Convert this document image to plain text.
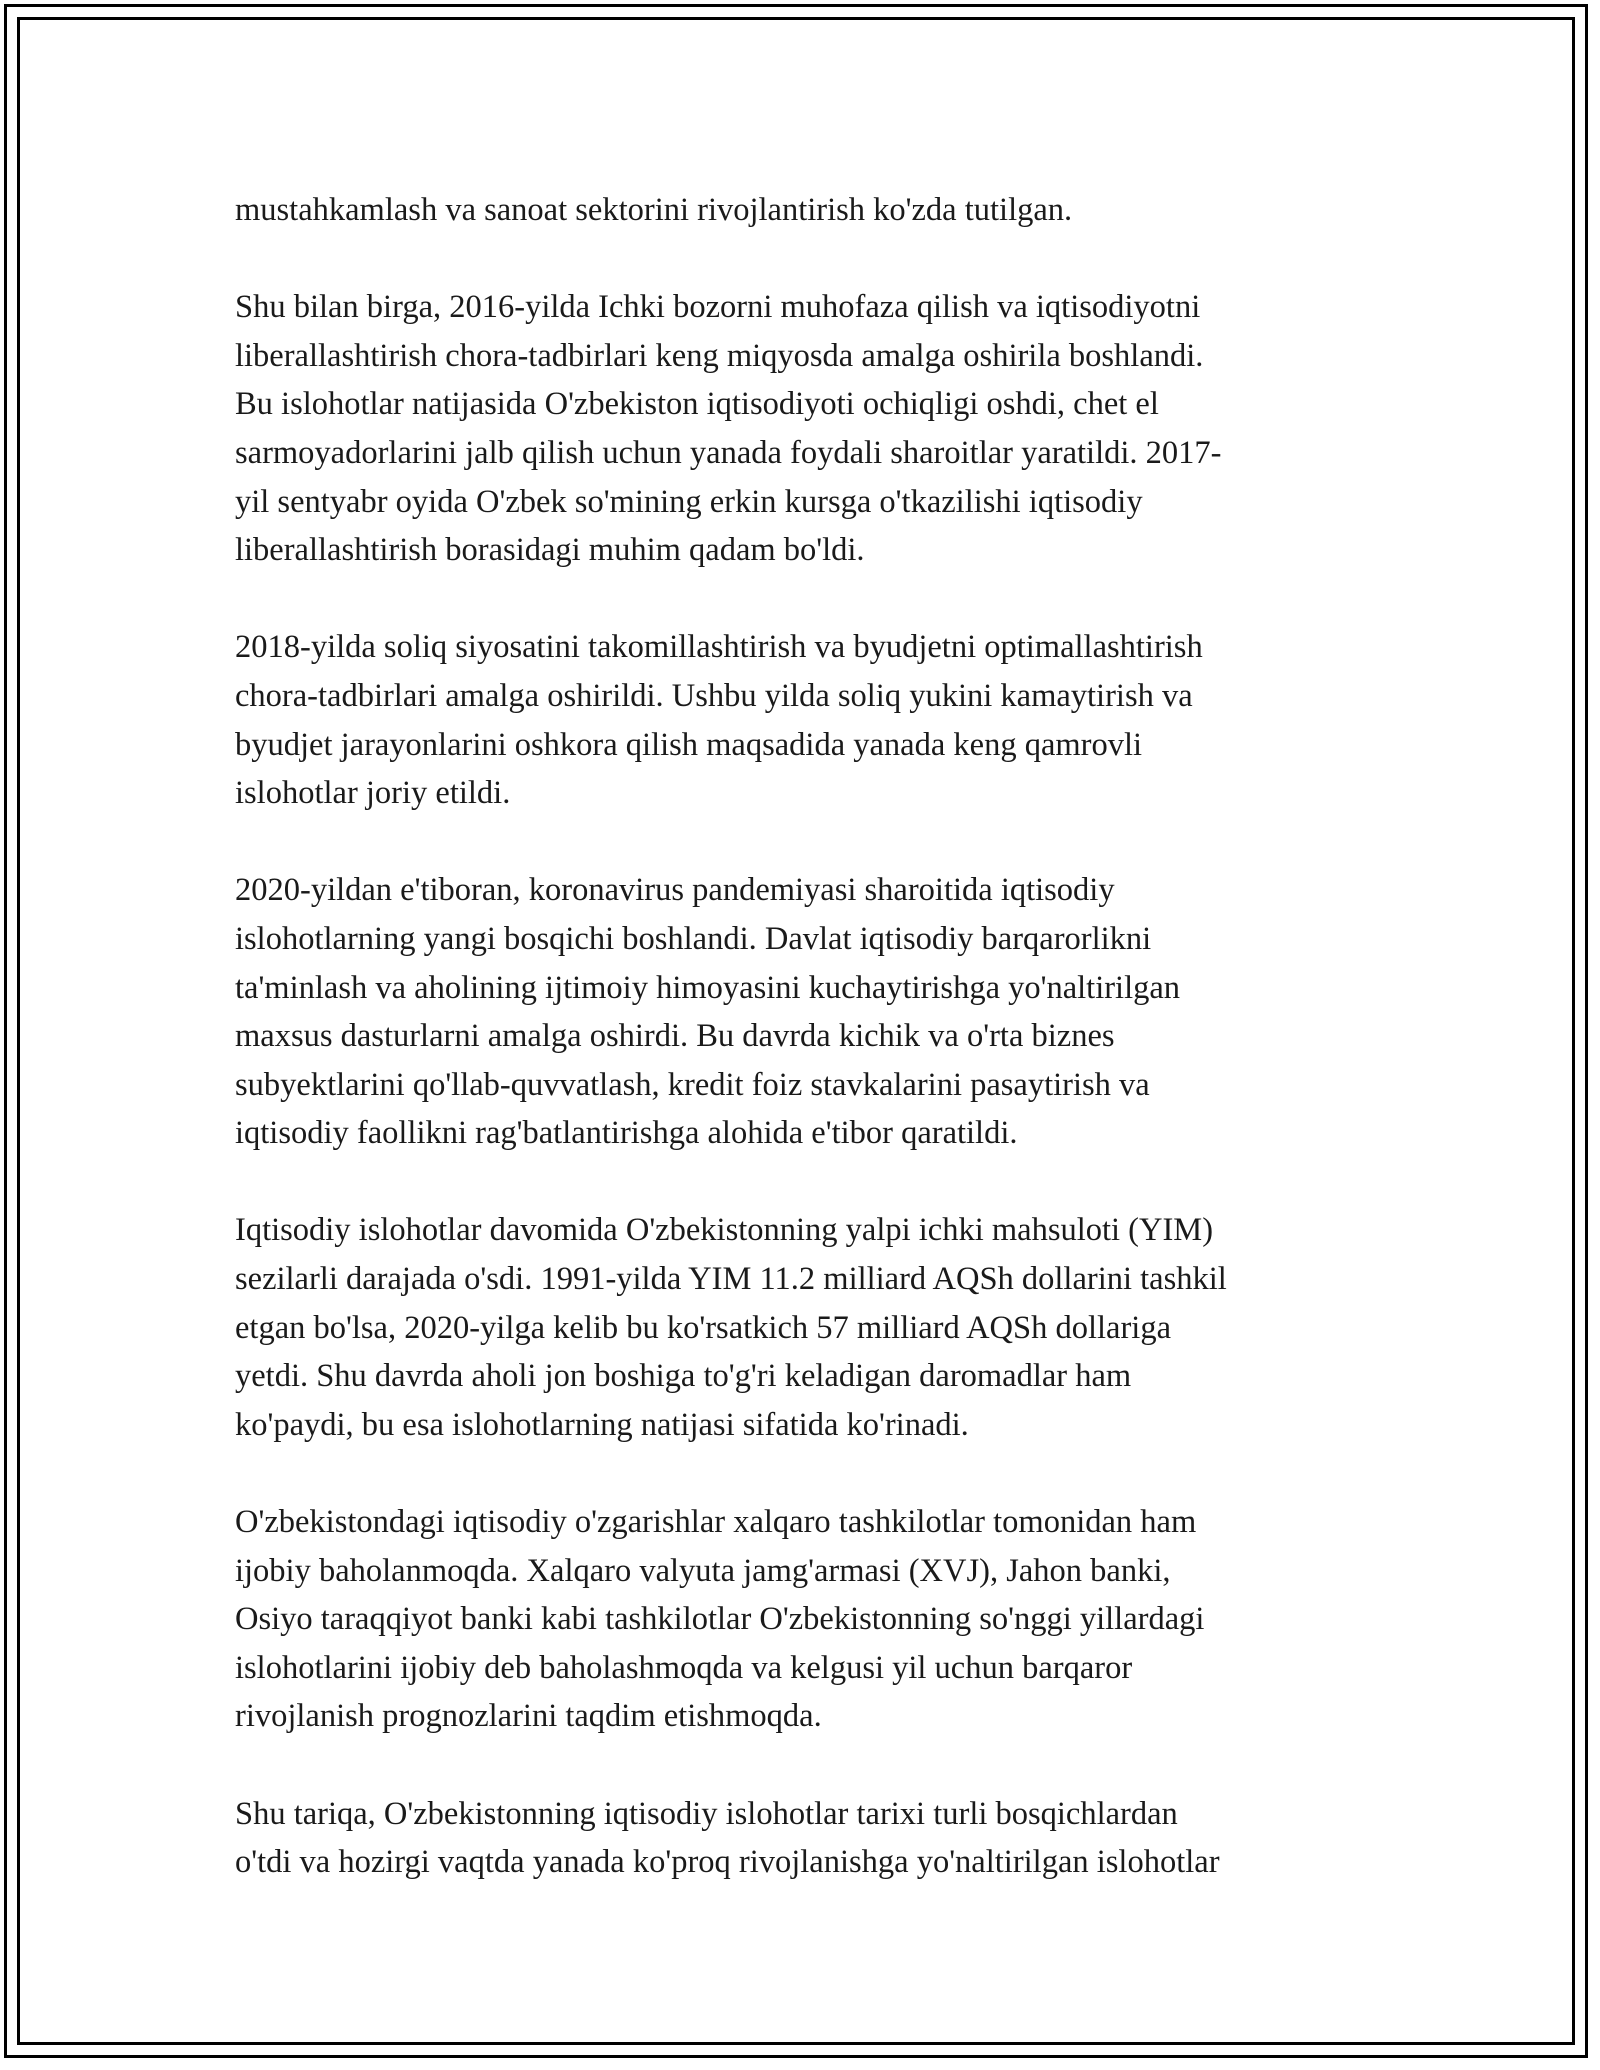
mustahkamlash va sanoat sektorini rivojlantirish ko'zda tutilgan.

Shu bilan birga, 2016-yilda Ichki bozorni muhofaza qilish va iqtisodiyotni
liberallashtirish chora-tadbirlari keng miqyosda amalga oshirila boshlandi.
Bu islohotlar natijasida O'zbekiston iqtisodiyoti ochiqligi oshdi, chet el
sarmoyadorlarini jalb qilish uchun yanada foydali sharoitlar yaratildi. 2017-
yil sentyabr oyida O'zbek so'mining erkin kursga o'tkazilishi iqtisodiy
liberallashtirish borasidagi muhim qadam bo'ldi.

2018-yilda soliq siyosatini takomillashtirish va byudjetni optimallashtirish
chora-tadbirlari amalga oshirildi. Ushbu yilda soliq yukini kamaytirish va
byudjet jarayonlarini oshkora qilish maqsadida yanada keng qamrovli
islohotlar joriy etildi.

2020-yildan e'tiboran, koronavirus pandemiyasi sharoitida iqtisodiy
islohotlarning yangi bosqichi boshlandi. Davlat iqtisodiy barqarorlikni
ta'minlash va aholining ijtimoiy himoyasini kuchaytirishga yo'naltirilgan
maxsus dasturlarni amalga oshirdi. Bu davrda kichik va o'rta biznes
subyektlarini qo'llab-quvvatlash, kredit foiz stavkalarini pasaytirish va
iqtisodiy faollikni rag'batlantirishga alohida e'tibor qaratildi.

Iqtisodiy islohotlar davomida O'zbekistonning yalpi ichki mahsuloti (YIM)
sezilarli darajada o'sdi. 1991-yilda YIM 11.2 milliard AQSh dollarini tashkil
etgan bo'lsa, 2020-yilga kelib bu ko'rsatkich 57 milliard AQSh dollariga
yetdi. Shu davrda aholi jon boshiga to'g'ri keladigan daromadlar ham
ko'paydi, bu esa islohotlarning natijasi sifatida ko'rinadi.

O'zbekistondagi iqtisodiy o'zgarishlar xalqaro tashkilotlar tomonidan ham
ijobiy baholanmoqda. Xalqaro valyuta jamg'armasi (XVJ), Jahon banki,
Osiyo taraqqiyot banki kabi tashkilotlar O'zbekistonning so'nggi yillardagi
islohotlarini ijobiy deb baholashmoqda va kelgusi yil uchun barqaror
rivojlanish prognozlarini taqdim etishmoqda.

Shu tariqa, O'zbekistonning iqtisodiy islohotlar tarixi turli bosqichlardan
o'tdi va hozirgi vaqtda yanada ko'proq rivojlanishga yo'naltirilgan islohotlar
